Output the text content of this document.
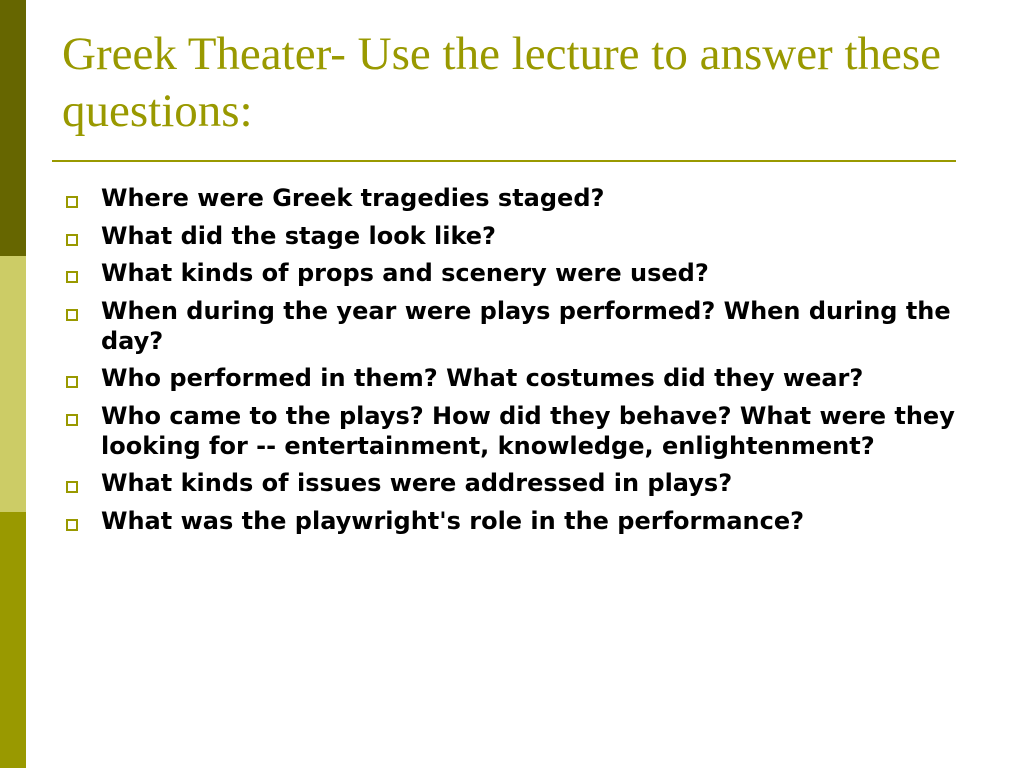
Greek Theater- Use the lecture to answer these questions:
Where were Greek tragedies staged?
What did the stage look like?
What kinds of props and scenery were used?
When during the year were plays performed? When during the day?
Who performed in them? What costumes did they wear?
Who came to the plays? How did they behave? What were they looking for -- entertainment, knowledge, enlightenment?
What kinds of issues were addressed in plays?
What was the playwright's role in the performance?
